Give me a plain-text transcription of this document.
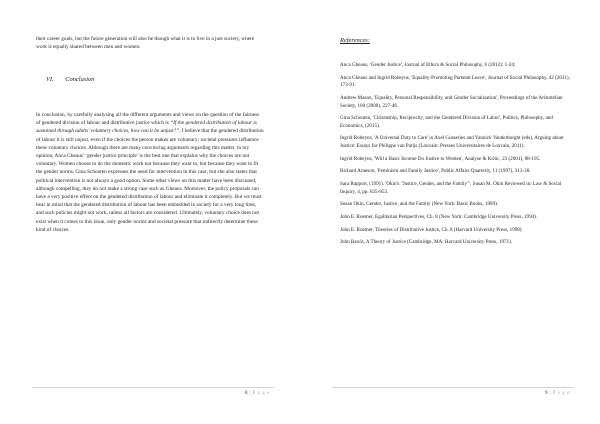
their career goals, but the future generation will also be though what it is to live in a just society, where work is equally shared between men and women.

VI. Conclusion

In conclusion, by carefully analysing all the different arguments and views on the question of the fairness of gendered division of labour and distributive justice which is “If the gendered distribution of labour is sustained through adults' voluntary choices, how can it be unjust?”, I believe that the gendered distribution of labour it is still unjust, even if the choices the person makes are voluntary; societal pressures influence these voluntary choices. Although there are many convincing arguments regarding this matter, in my opinion, Anca Gheaus' ‘gender justice principle’ is the best one that explains why the choices are not voluntary. Women choose to do the domestic work not because they want to, but because they want to fit the gender norms. Gina Schouten expresses the need for intervention in this case, but she also states that political intervention is not always a good option. Some other views on this matter have been discussed, although compelling, they do not make a strong case such as Gheaus. Moreover, the policy proposals can have a very positive effect on the gendered distribution of labour and eliminate it completely. But we must bear in mind that the gendered distribution of labour has been embedded in society for a very long time, and such policies might not work, unless all factors are considered. Ultimately, voluntary choice does not exist when it comes to this issue, only gender norms and societal pressure that indirectly determine these kind of choices.

8 | P a g e
References:

Anca Gheaus, 'Gender Justice', Journal of Ethics & Social Philosophy, 6 (2012): 1-24;

Anca Gheaus and Ingrid Robeyns, 'Equality-Promoting Parental Leave', Journal of Social Philosophy, 42 (2011), 173-91.

Andrew Mason, 'Equality, Personal Responsibility, and Gender Socialisation', Proceedings of the Aristotelian Society, 100 (2000), 227-46.

Gina Schouten, 'Citizenship, Reciprocity, and the Gendered Division of Labor', Politics, Philosophy, and Economics, (2015).

Ingrid Robeyns, 'A Universal Duty to Care' in Axel Gosseries and Yannick Vanderborght (eds), Arguing about Justice: Essays for Philippe van Parijs (Louvain: Presses Universitaires de Louvain, 2011).

Ingrid Robeyns, 'Will a Basic Income Do Justice to Women', Analyse & Kritic, 23 (2001), 88-105.

Richard Arneson, 'Feminism and Family Justice', Public Affairs Quarterly, 11 (1997), 313-30.

Sara Rapport, (1991). 'Okin's "Justice, Gender, and the Family"', Susan M. Okin Reviewed in: Law & Social Inquiry, 4, pp. 835-853.

Susan Okin, Gender, Justice, and the Family (New York: Basic Books, 1989).

John E. Roemer, Egalitarian Perspectives, Ch. 8 (New York: Cambridge University Press, 1994).

John E. Roemer, Theories of Distributive Justice, Ch. 8 (Harvard University Press, 1998).

John Rawls, A Theory of Justice (Cambridge, MA: Harvard University Press, 1971).

9 | P a g e
